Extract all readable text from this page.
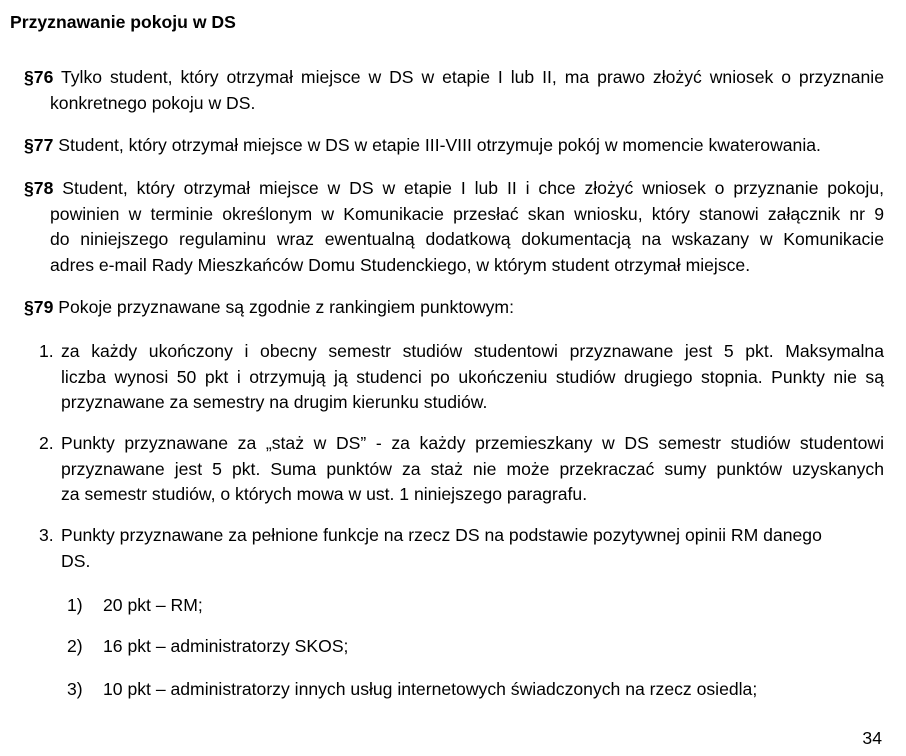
Przyznawanie pokoju w DS
§76 Tylko student, który otrzymał miejsce w DS w etapie I lub II, ma prawo złożyć wniosek o przyznanie
konkretnego pokoju w DS.
§77 Student, który otrzymał miejsce w DS w etapie III-VIII otrzymuje pokój w momencie kwaterowania.
§78 Student, który otrzymał miejsce w DS w etapie I lub II i chce złożyć wniosek o przyznanie pokoju,
powinien w terminie określonym w Komunikacie przesłać skan wniosku, który stanowi załącznik nr 9
do niniejszego regulaminu wraz ewentualną dodatkową dokumentacją na wskazany w Komunikacie
adres e-mail Rady Mieszkańców Domu Studenckiego, w którym student otrzymał miejsce.
§79 Pokoje przyznawane są zgodnie z rankingiem punktowym:
1. za każdy ukończony i obecny semestr studiów studentowi przyznawane jest 5 pkt. Maksymalna
liczba wynosi 50 pkt i otrzymują ją studenci po ukończeniu studiów drugiego stopnia. Punkty nie są
przyznawane za semestry na drugim kierunku studiów.
2. Punkty przyznawane za „staż w DS” - za każdy przemieszkany w DS semestr studiów studentowi
przyznawane jest 5 pkt. Suma punktów za staż nie może przekraczać sumy punktów uzyskanych
za semestr studiów, o których mowa w ust. 1 niniejszego paragrafu.
3. Punkty przyznawane za pełnione funkcje na rzecz DS na podstawie pozytywnej opinii RM danego
DS.
1) 20 pkt – RM;
2) 16 pkt – administratorzy SKOS;
3) 10 pkt – administratorzy innych usług internetowych świadczonych na rzecz osiedla;

34
